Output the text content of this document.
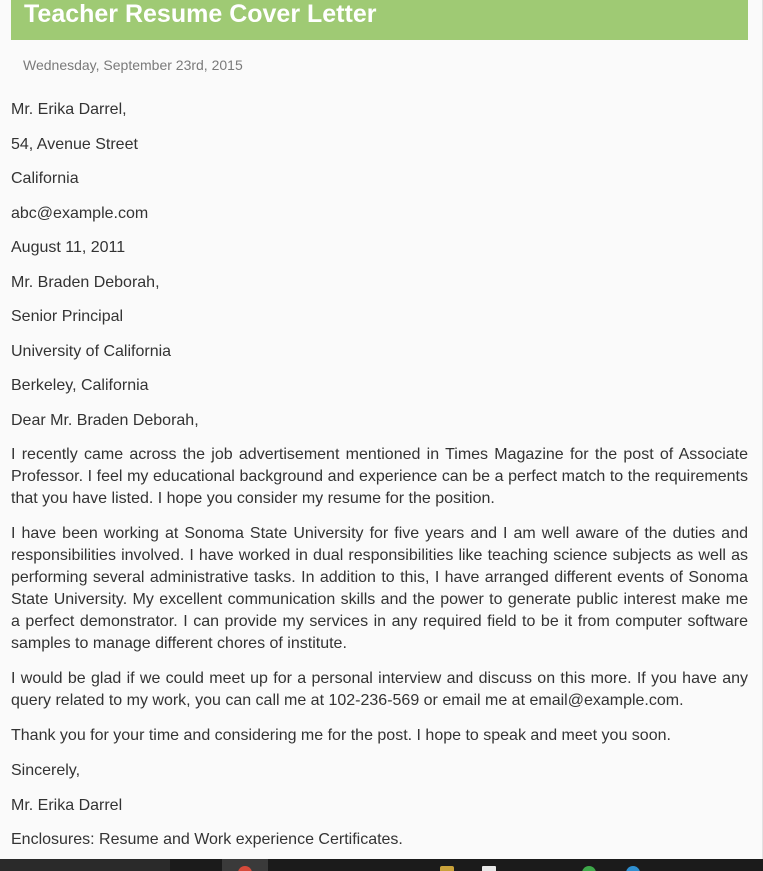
Teacher Resume Cover Letter
Wednesday, September 23rd, 2015

Mr. Erika Darrel,

54, Avenue Street

California

abc@example.com

August 11, 2011

Mr. Braden Deborah,

Senior Principal

University of California

Berkeley, California

Dear Mr. Braden Deborah,

I recently came across the job advertisement mentioned in Times Magazine for the post of Associate Professor. I feel my educational background and experience can be a perfect match to the requirements that you have listed. I hope you consider my resume for the position.

I have been working at Sonoma State University for five years and I am well aware of the duties and responsibilities involved. I have worked in dual responsibilities like teaching science subjects as well as performing several administrative tasks. In addition to this, I have arranged different events of Sonoma State University. My excellent communication skills and the power to generate public interest make me a perfect demonstrator. I can provide my services in any required field to be it from computer software samples to manage different chores of institute.

I would be glad if we could meet up for a personal interview and discuss on this more. If you have any query related to my work, you can call me at 102-236-569 or email me at email@example.com.

Thank you for your time and considering me for the post. I hope to speak and meet you soon.

Sincerely,

Mr. Erika Darrel

Enclosures: Resume and Work experience Certificates.
